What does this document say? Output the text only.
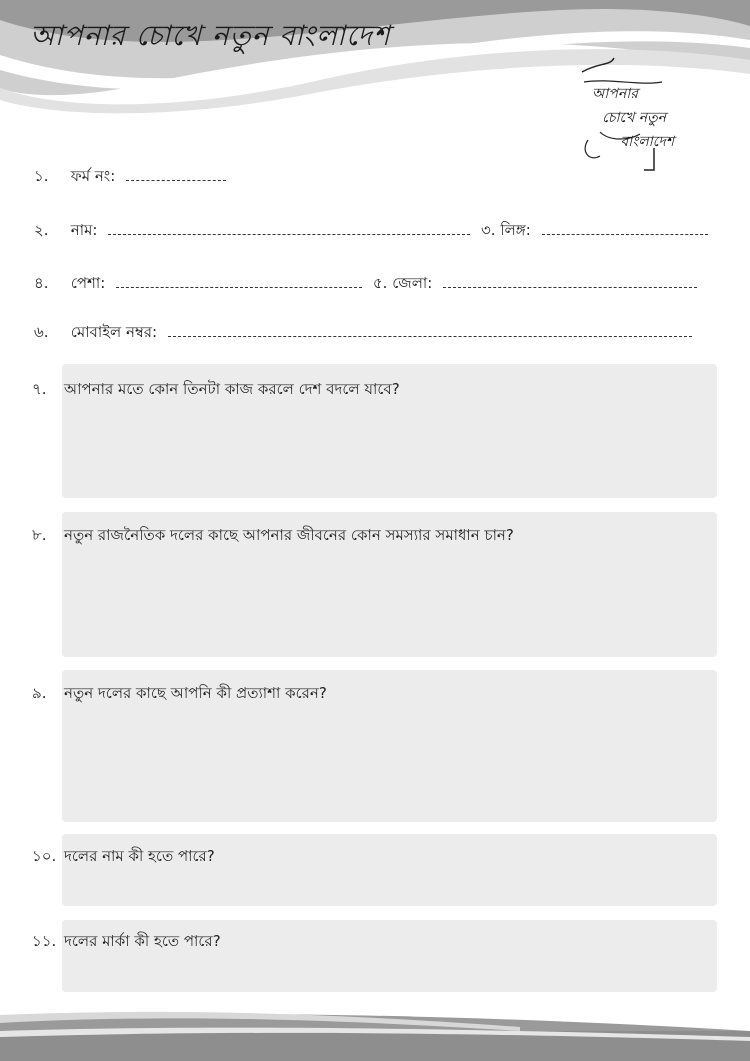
আপনার চোখে নতুন বাংলাদেশ
আপনার
চোখে নতুন
বাংলাদেশ
১. ফর্ম নং:
২. নাম:	৩. লিঙ্গ:
৪. পেশা:	৫. জেলা:
৬. মোবাইল নম্বর:
৭. আপনার মতে কোন তিনটা কাজ করলে দেশ বদলে যাবে?
৮. নতুন রাজনৈতিক দলের কাছে আপনার জীবনের কোন সমস্যার সমাধান চান?
৯. নতুন দলের কাছে আপনি কী প্রত্যাশা করেন?
১০. দলের নাম কী হতে পারে?
১১. দলের মার্কা কী হতে পারে?
